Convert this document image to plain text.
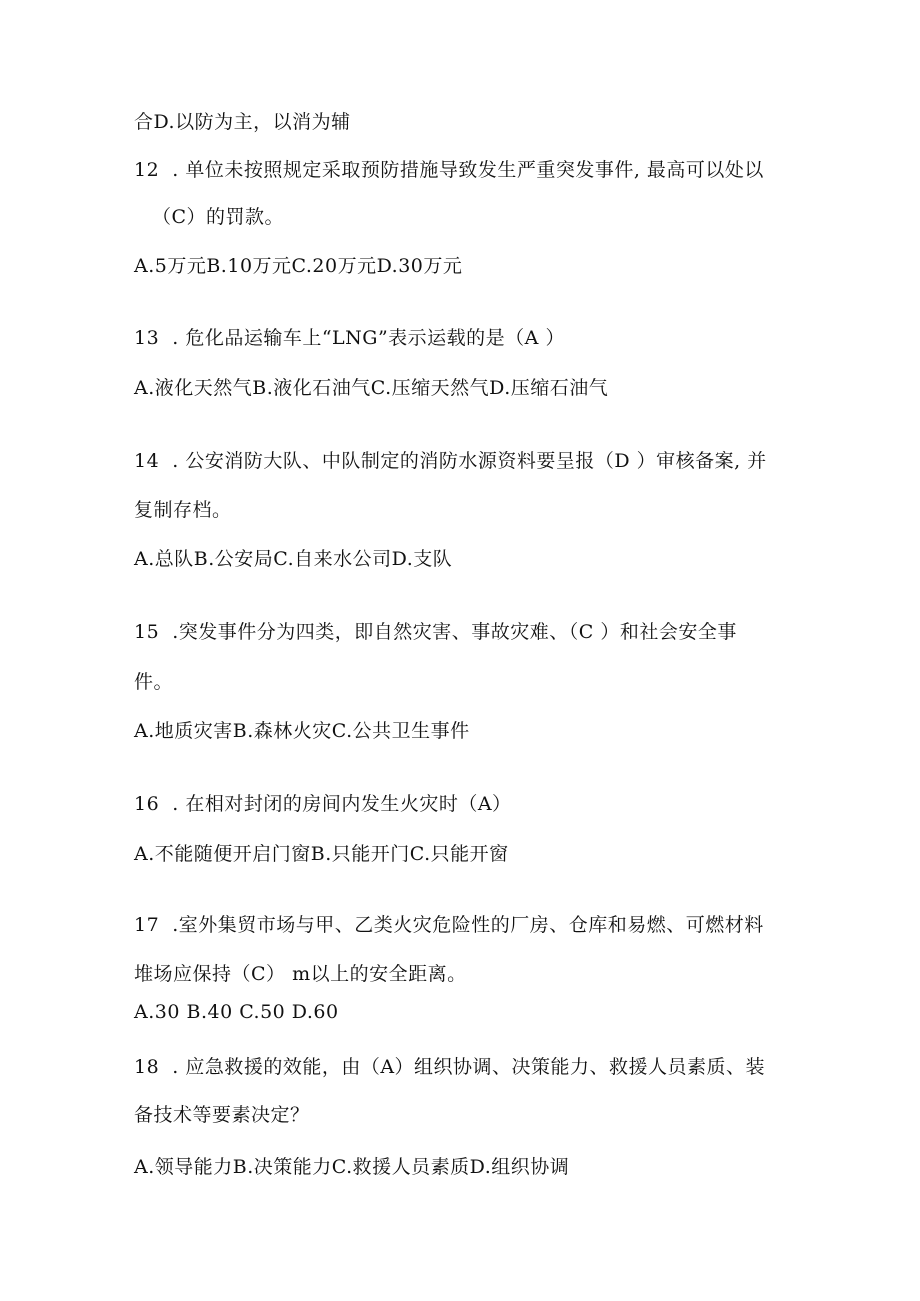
合D.以防为主，以消为辅
12  . 单位未按照规定采取预防措施导致发生严重突发事件, 最高可以处以
（C）的罚款。
A.5万元B.10万元C.20万元D.30万元
13  . 危化品运输车上“LNG”表示运载的是（A ）
A.液化天然气B.液化石油气C.压缩天然气D.压缩石油气
14  . 公安消防大队、中队制定的消防水源资料要呈报（D ）审核备案, 并
复制存档。
A.总队B.公安局C.自来水公司D.支队
15  .突发事件分为四类，即自然灾害、事故灾难、（C ）和社会安全事
件。
A.地质灾害B.森林火灾C.公共卫生事件
16  . 在相对封闭的房间内发生火灾时（A）
A.不能随便开启门窗B.只能开门C.只能开窗
17  .室外集贸市场与甲、乙类火灾危险性的厂房、仓库和易燃、可燃材料
堆场应保持（C） m以上的安全距离。
A.30 B.40 C.50 D.60
18  . 应急救援的效能，由（A）组织协调、决策能力、救援人员素质、装
备技术等要素决定？
A.领导能力B.决策能力C.救援人员素质D.组织协调
